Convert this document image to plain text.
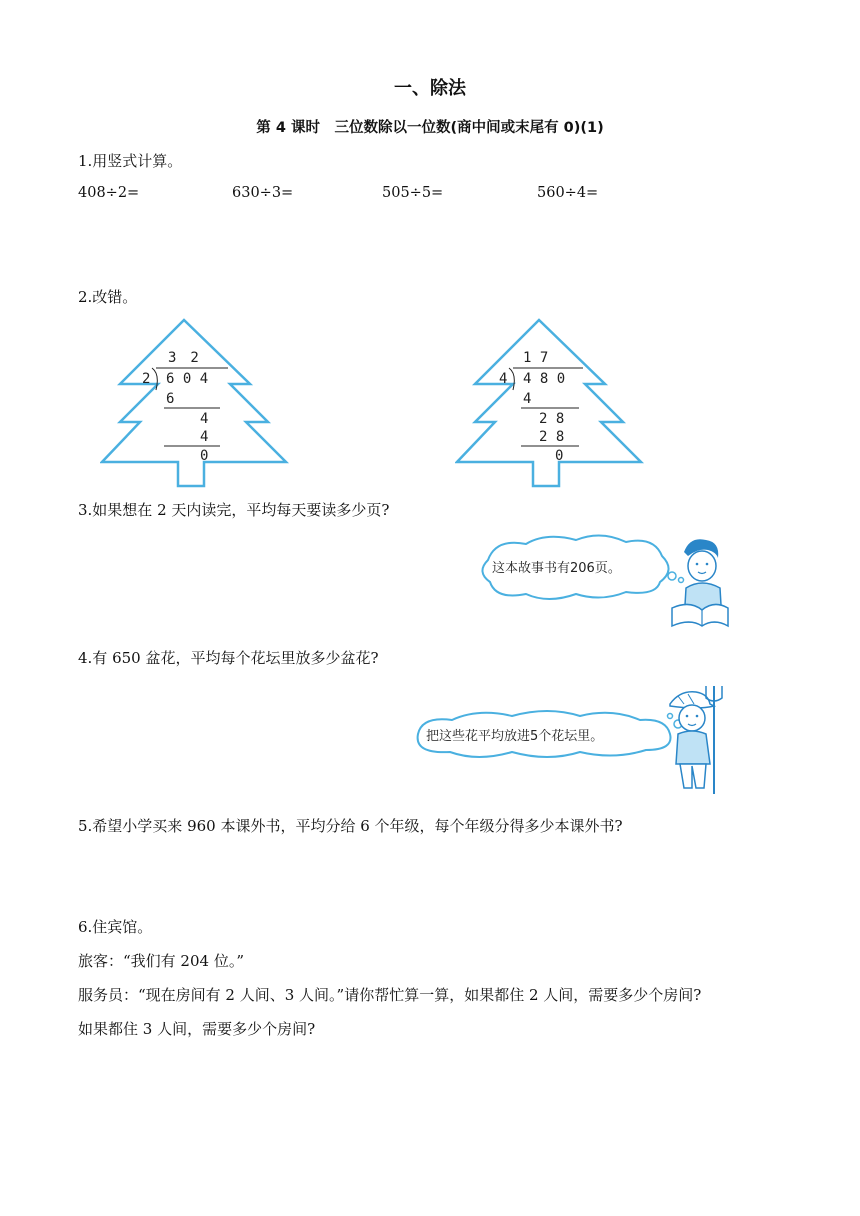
一、除法
第 4 课时　三位数除以一位数(商中间或末尾有 0)(1)
1.用竖式计算。
408÷2=	630÷3=	505÷5=	560÷4=
2.改错。
3　2
2 6 0 4
6
4
4
0
1 7
4 4 8 0
4
2 8
2 8
0
3.如果想在 2 天内读完，平均每天要读多少页?
这本故事书有206页。
4.有 650 盆花，平均每个花坛里放多少盆花?
把这些花平均放进5个花坛里。
5.希望小学买来 960 本课外书，平均分给 6 个年级，每个年级分得多少本课外书?
6.住宾馆。
旅客：“我们有 204 位。”
服务员：“现在房间有 2 人间、3 人间。”请你帮忙算一算，如果都住 2 人间，需要多少个房间?
如果都住 3 人间，需要多少个房间?
